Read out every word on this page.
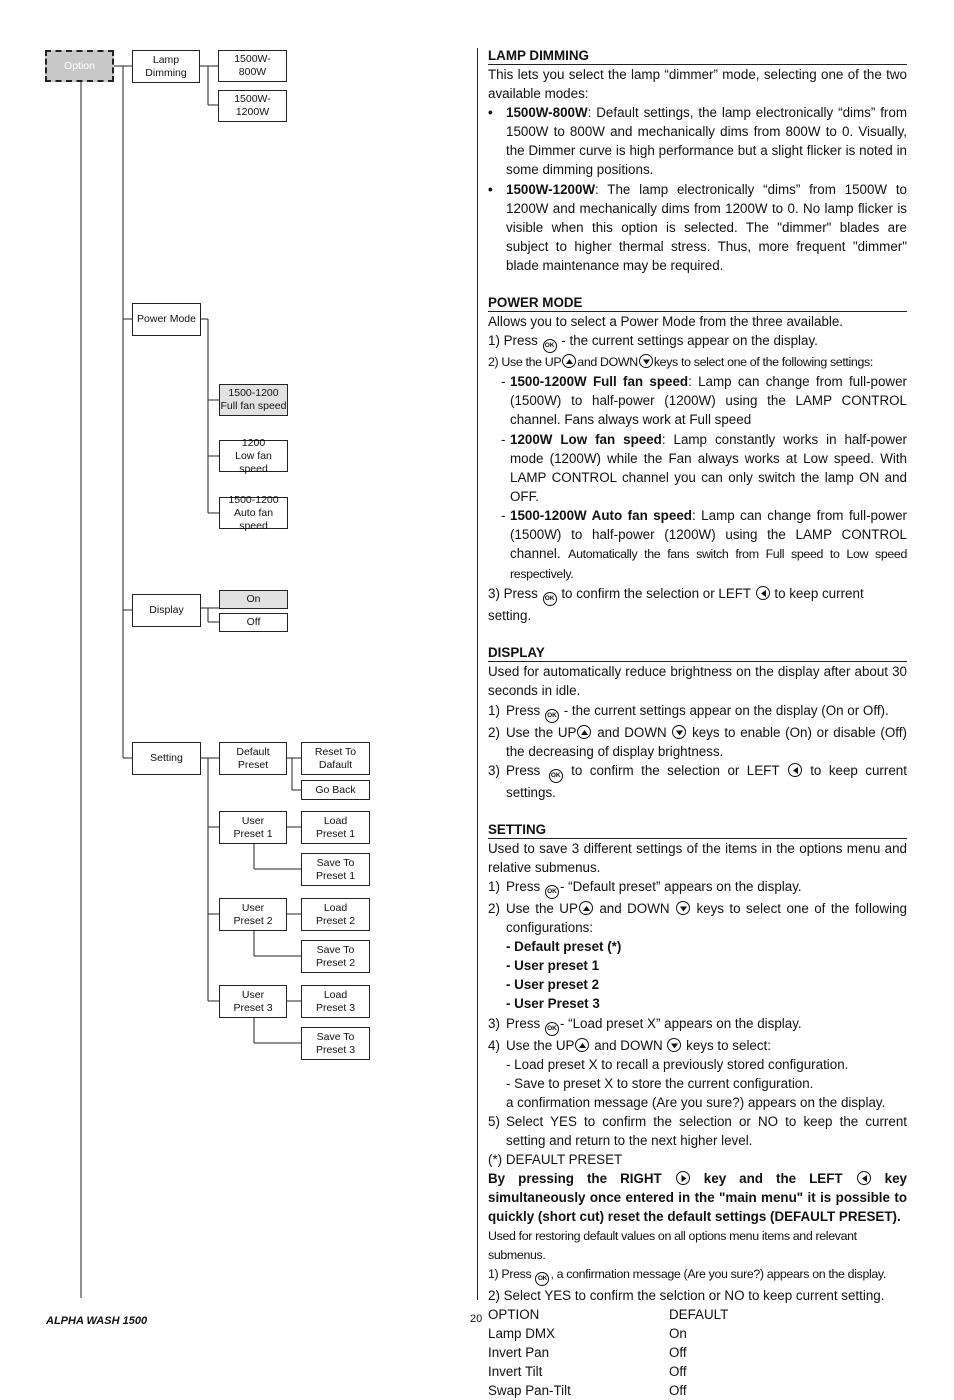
Option	Lamp
Dimming
1500W-
800W
1500W-
1200W
Power Mode
1500-1200
Full fan speed
1200
Low fan speed
1500-1200
Auto fan speed
Display
On
Off
Setting
Default
Preset
Reset To
Dafault
Go Back
User
Preset 1
Load
Preset 1
Save To
Preset 1
User
Preset 2
Load
Preset 2
Save To
Preset 2
User
Preset 3
Load
Preset 3
Save To
Preset 3

LAMP DIMMING

This lets you select the lamp “dimmer” mode, selecting one of the two available modes:

• 1500W-800W: Default settings, the lamp electronically “dims” from 1500W to 800W and mechanically dims from 800W to 0. Visually, the Dimmer curve is high performance but a slight flicker is noted in some dimming positions.
• 1500W-1200W: The lamp electronically “dims” from 1500W to 1200W and mechanically dims from 1200W to 0. No lamp flicker is visible when this option is selected. The "dimmer" blades are subject to higher thermal stress. Thus, more frequent "dimmer" blade maintenance may be required.

POWER MODE

Allows you to select a Power Mode from the three available.

1) Press OK - the current settings appear on the display.

2) Use the UP and DOWN keys to select one of the following settings:

- 1500-1200W Full fan speed: Lamp can change from full-power (1500W) to half-power (1200W) using the LAMP CONTROL channel. Fans always work at Full speed
- 1200W Low fan speed: Lamp constantly works in half-power mode (1200W) while the Fan always works at Low speed. With LAMP CONTROL channel you can only switch the lamp ON and OFF.
- 1500-1200W Auto fan speed: Lamp can change from full-power (1500W) to half-power (1200W) using the LAMP CONTROL channel. Automatically the fans switch from Full speed to Low speed respectively.

3) Press OK to confirm the selection or LEFT to keep current setting.

DISPLAY

Used for automatically reduce brightness on the display after about 30 seconds in idle.

1) Press OK - the current settings appear on the display (On or Off).
2) Use the UP and DOWN keys to enable (On) or disable (Off) the decreasing of display brightness.
3) Press OK to confirm the selection or LEFT to keep current settings.

SETTING

Used to save 3 different settings of the items in the options menu and relative submenus.

1) Press OK - “Default preset” appears on the display.
2) Use the UP and DOWN keys to select one of the following configurations:

- Default preset (*)

- User preset 1

- User preset 2

- User Preset 3

3) Press OK - “Load preset X” appears on the display.
4) Use the UP and DOWN keys to select:

- Load preset X to recall a previously stored configuration.

- Save to preset X to store the current configuration.

a confirmation message (Are you sure?) appears on the display.

5) Select YES to confirm the selection or NO to keep the current setting and return to the next higher level.

(*) DEFAULT PRESET

By pressing the RIGHT	key and the LEFT	key simultaneously once entered in the "main menu" it is possible to quickly (short cut) reset the default settings (DEFAULT PRESET).

Used for restoring default values on all options menu items and relevant submenus.

1) Press OK , a confirmation message (Are you sure?) appears on the display.

2) Select YES to confirm the selction or NO to keep current setting.

OPTION	DEFAULT
Lamp DMX	On
Invert Pan	Off
Invert Tilt	Off
Swap Pan-Tilt	Off
ALPHA WASH 1500	20
